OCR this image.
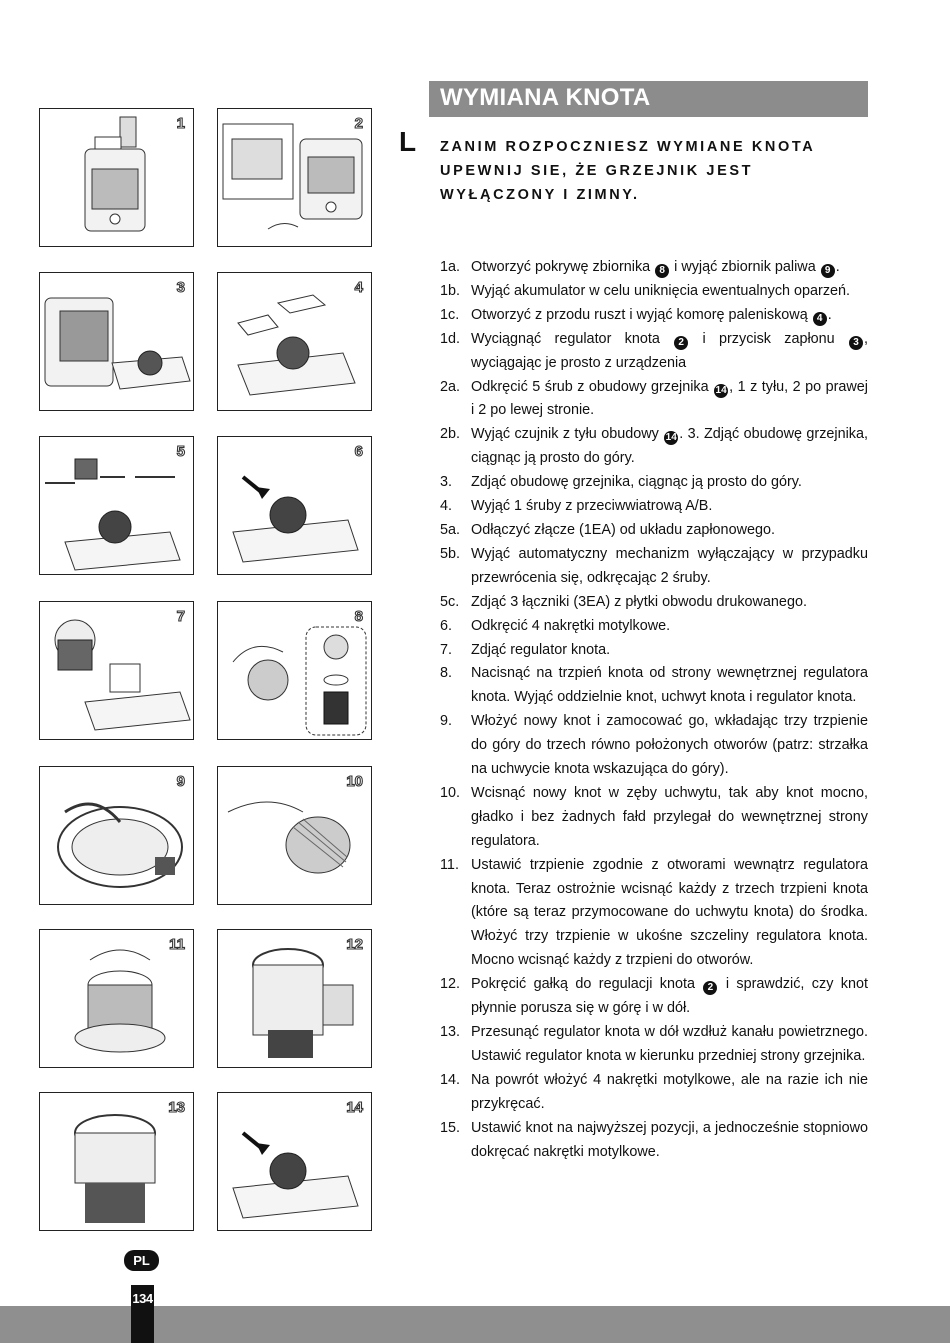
WYMIANA KNOTA
L ZANIM ROZPOCZNIESZ WYMIANE KNOTA UPEWNIJ SIE, ŻE GRZEJNIK JEST WYŁĄCZONY I ZIMNY.
1	2
3	4
5	6
7	8
9	10
11	12
13	14
1a. Otworzyć pokrywę zbiornika 8 i wyjąć zbiornik paliwa 9 .
1b. Wyjąć akumulator w celu uniknięcia ewentualnych oparzeń.
1c. Otworzyć z przodu ruszt i wyjąć komorę paleniskową 4 .
1d. Wyciągnąć regulator knota 2 i przycisk zapłonu 3 , wyciągając je prosto z urządzenia
2a. Odkręcić 5 śrub z obudowy grzejnika 14 , 1 z tyłu, 2 po prawej i 2 po lewej stronie.
2b. Wyjąć czujnik z tyłu obudowy 14 . 3. Zdjąć obudowę grzejnika, ciągnąc ją prosto do góry.
3. Zdjąć obudowę grzejnika, ciągnąc ją prosto do góry.
4. Wyjąć 1 śruby z przeciwwiatrową A/B.
5a. Odłączyć złącze (1EA) od układu zapłonowego.
5b. Wyjąć automatyczny mechanizm wyłączający w przypadku przewrócenia się, odkręcając 2 śruby.
5c. Zdjąć 3 łączniki (3EA) z płytki obwodu drukowanego.
6. Odkręcić 4 nakrętki motylkowe.
7. Zdjąć regulator knota.
8. Nacisnąć na trzpień knota od strony wewnętrznej regulatora knota. Wyjąć oddzielnie knot, uchwyt knota i regulator knota.
9. Włożyć nowy knot i zamocować go, wkładając trzy trzpienie do góry do trzech równo położonych otworów (patrz: strzałka na uchwycie knota wskazująca do góry).
10. Wcisnąć nowy knot w zęby uchwytu, tak aby knot mocno, gładko i bez żadnych fałd przylegał do wewnętrznej strony regulatora.
11. Ustawić trzpienie zgodnie z otworami wewnątrz regulatora knota. Teraz ostrożnie wcisnąć każdy z trzech trzpieni knota (które są teraz przymocowane do uchwytu knota) do środka. Włożyć trzy trzpienie w ukośne szczeliny regulatora knota. Mocno wcisnąć każdy z trzpieni do otworów.
12. Pokręcić gałką do regulacji knota 2 i sprawdzić, czy knot płynnie porusza się w górę i w dół.
13. Przesunąć regulator knota w dół wzdłuż kanału powietrznego. Ustawić regulator knota w kierunku przedniej strony grzejnika.
14. Na powrót włożyć 4 nakrętki motylkowe, ale na razie ich nie przykręcać.
15. Ustawić knot na najwyższej pozycji, a jednocześnie stopniowo dokręcać nakrętki motylkowe.
PL
134
